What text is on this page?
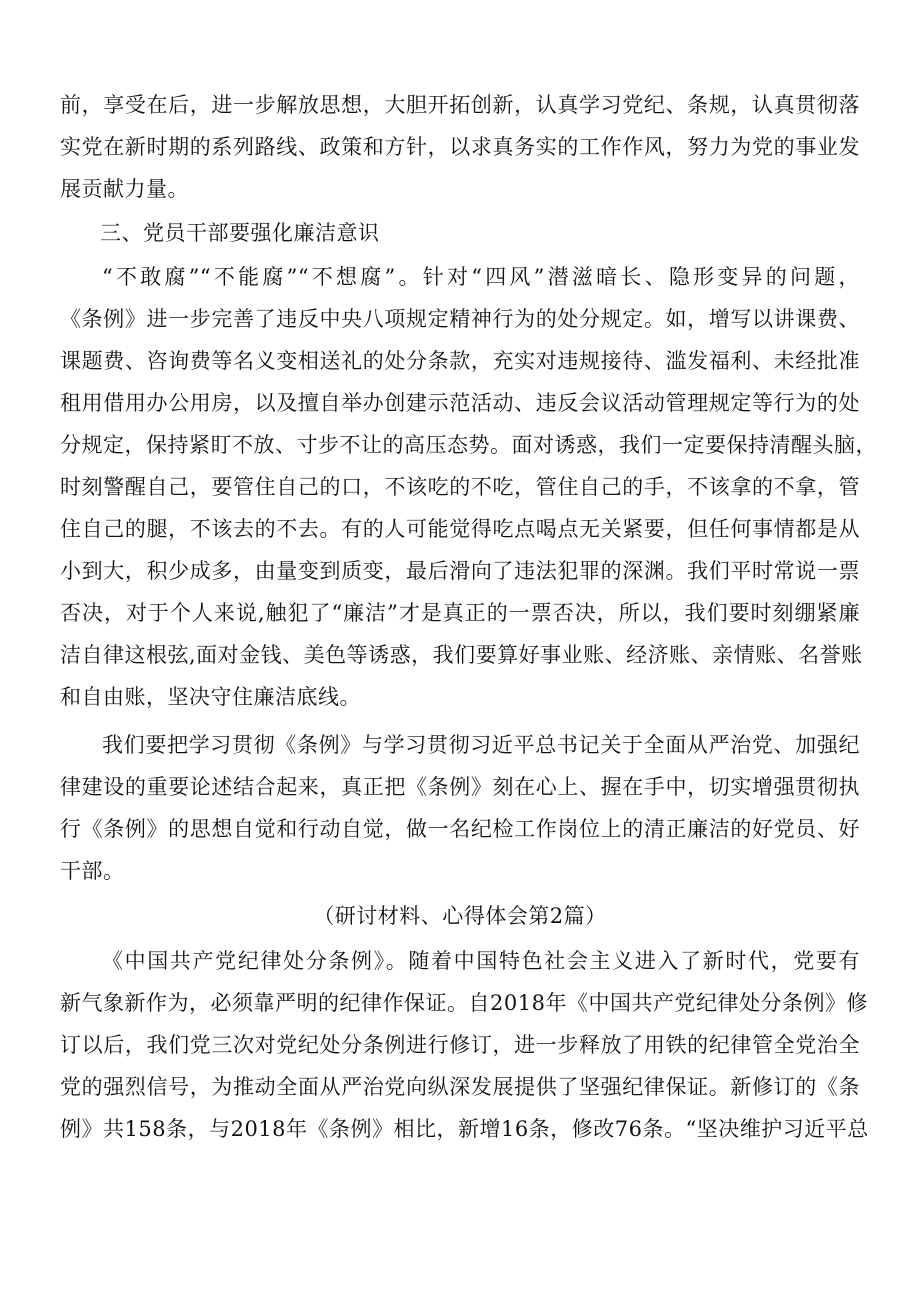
前，享受在后，进一步解放思想，大胆开拓创新，认真学习党纪、条规，认真贯彻落
实党在新时期的系列路线、政策和方针，以求真务实的工作作风，努力为党的事业发
展贡献力量。
三、党员干部要强化廉洁意识
“不敢腐”“不能腐”“不想腐”。针对“四风”潜滋暗长、隐形变异的问题，
《条例》进一步完善了违反中央八项规定精神行为的处分规定。如，增写以讲课费、
课题费、咨询费等名义变相送礼的处分条款，充实对违规接待、滥发福利、未经批准
租用借用办公用房，以及擅自举办创建示范活动、违反会议活动管理规定等行为的处
分规定，保持紧盯不放、寸步不让的高压态势。面对诱惑，我们一定要保持清醒头脑，
时刻警醒自己，要管住自己的口，不该吃的不吃，管住自己的手，不该拿的不拿，管
住自己的腿，不该去的不去。有的人可能觉得吃点喝点无关紧要，但任何事情都是从
小到大，积少成多，由量变到质变，最后滑向了违法犯罪的深渊。我们平时常说一票
否决，对于个人来说,触犯了“廉洁”才是真正的一票否决，所以，我们要时刻绷紧廉
洁自律这根弦,面对金钱、美色等诱惑，我们要算好事业账、经济账、亲情账、名誉账
和自由账，坚决守住廉洁底线。
我们要把学习贯彻《条例》与学习贯彻习近平总书记关于全面从严治党、加强纪
律建设的重要论述结合起来，真正把《条例》刻在心上、握在手中，切实增强贯彻执
行《条例》的思想自觉和行动自觉，做一名纪检工作岗位上的清正廉洁的好党员、好
干部。
（研讨材料、心得体会第2篇）
《中国共产党纪律处分条例》。随着中国特色社会主义进入了新时代，党要有
新气象新作为，必须靠严明的纪律作保证。自2018年《中国共产党纪律处分条例》修
订以后，我们党三次对党纪处分条例进行修订，进一步释放了用铁的纪律管全党治全
党的强烈信号，为推动全面从严治党向纵深发展提供了坚强纪律保证。新修订的《条
例》共158条，与2018年《条例》相比，新增16条，修改76条。“坚决维护习近平总
